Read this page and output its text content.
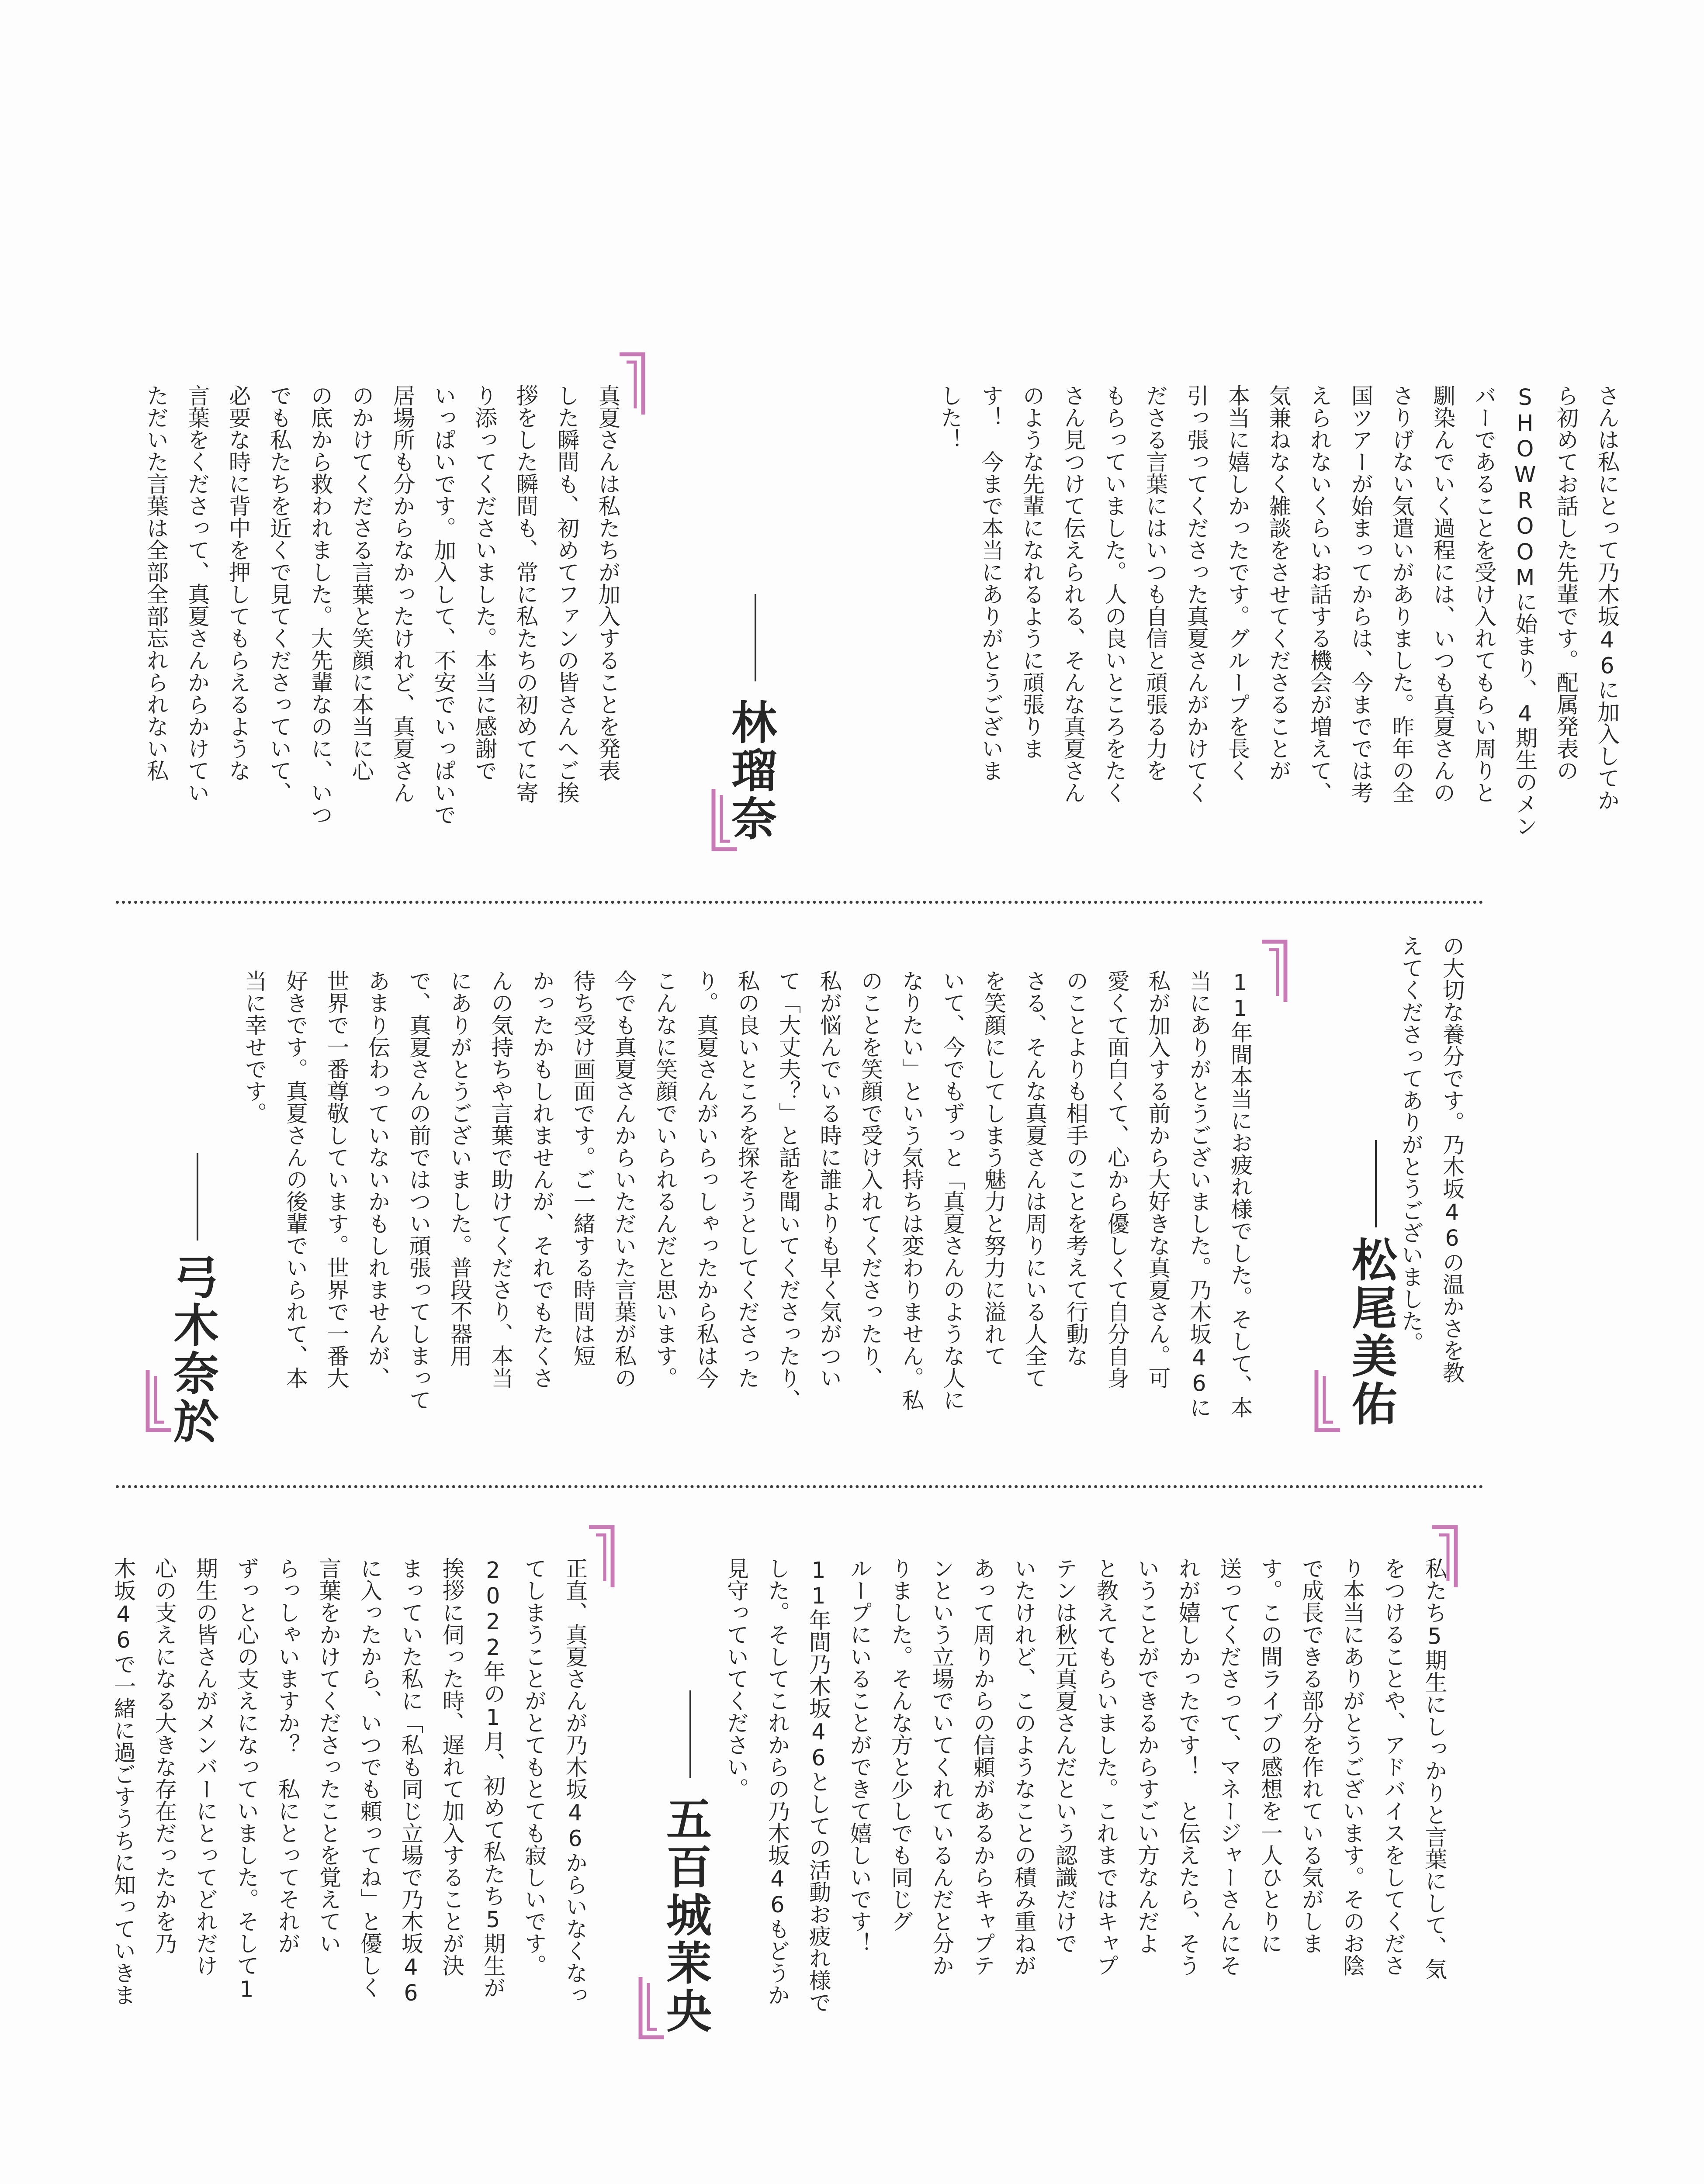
さんは私にとって乃木坂46に加入してか
ら初めてお話した先輩です。配属発表の
SHOWROOMに始まり、4期生のメン
バーであることを受け入れてもらい周りと
馴染んでいく過程には、いつも真夏さんの
さりげない気遣いがありました。昨年の全
国ツアーが始まってからは、今まででは考
えられないくらいお話する機会が増えて、
気兼ねなく雑談をさせてくださることが
本当に嬉しかったです。グループを長く
引っ張ってくださった真夏さんがかけてく
ださる言葉にはいつも自信と頑張る力を
もらっていました。人の良いところをたく
さん見つけて伝えられる、そんな真夏さん
のような先輩になれるように頑張りま
す！　今まで本当にありがとうございま
した！

真夏さんは私たちが加入することを発表
した瞬間も、初めてファンの皆さんへご挨
拶をした瞬間も、常に私たちの初めてに寄
り添ってくださいました。本当に感謝で
いっぱいです。加入して、不安でいっぱいで
居場所も分からなかったけれど、真夏さん
のかけてくださる言葉と笑顔に本当に心
の底から救われました。大先輩なのに、いつ
でも私たちを近くで見てくださっていて、
必要な時に背中を押してもらえるような
言葉をくださって、真夏さんからかけてい
ただいた言葉は全部全部忘れられない私	林瑠奈

の大切な養分です。乃木坂46の温かさを教
えてくださってありがとうございました。

松尾美佑

11年間本当にお疲れ様でした。そして、本
当にありがとうございました。乃木坂46に
私が加入する前から大好きな真夏さん。可
愛くて面白くて、心から優しくて自分自身
のことよりも相手のことを考えて行動な
さる、そんな真夏さんは周りにいる人全て
を笑顔にしてしまう魅力と努力に溢れて
いて、今でもずっと「真夏さんのような人に
なりたい」という気持ちは変わりません。私
のことを笑顔で受け入れてくださったり、
私が悩んでいる時に誰よりも早く気がつい
て「大丈夫？」と話を聞いてくださったり、
私の良いところを探そうとしてくださった
り。真夏さんがいらっしゃったから私は今
こんなに笑顔でいられるんだと思います。
今でも真夏さんからいただいた言葉が私の
待ち受け画面です。ご一緒する時間は短
かったかもしれませんが、それでもたくさ
んの気持ちや言葉で助けてくださり、本当
にありがとうございました。普段不器用
で、真夏さんの前ではつい頑張ってしまって
あまり伝わっていないかもしれませんが、
世界で一番尊敬しています。世界で一番大
好きです。真夏さんの後輩でいられて、本
当に幸せです。

弓木奈於

私たち5期生にしっかりと言葉にして、気
をつけることや、アドバイスをしてくださ
り本当にありがとうございます。そのお陰
で成長できる部分を作れている気がしま
す。この間ライブの感想を一人ひとりに
送ってくださって、マネージャーさんにそ
れが嬉しかったです！　と伝えたら、そう
いうことができるからすごい方なんだよ
と教えてもらいました。これまではキャプ
テンは秋元真夏さんだという認識だけで
いたけれど、このようなことの積み重ねが
あって周りからの信頼があるからキャプテ
ンという立場でいてくれているんだと分か
りました。そんな方と少しでも同じグ
ループにいることができて嬉しいです！
11年間乃木坂46としての活動お疲れ様で
した。そしてこれからの乃木坂46もどうか
見守っていてください。

五百城茉央

正直、真夏さんが乃木坂46からいなくなっ
てしまうことがとてもとても寂しいです。
2022年の1月、初めて私たち5期生が
挨拶に伺った時、遅れて加入することが決
まっていた私に「私も同じ立場で乃木坂46
に入ったから、いつでも頼ってね」と優しく
言葉をかけてくださったことを覚えてい
らっしゃいますか？　私にとってそれが
ずっと心の支えになっていました。そして1
期生の皆さんがメンバーにとってどれだけ
心の支えになる大きな存在だったかを乃
木坂46で一緒に過ごすうちに知っていきま
